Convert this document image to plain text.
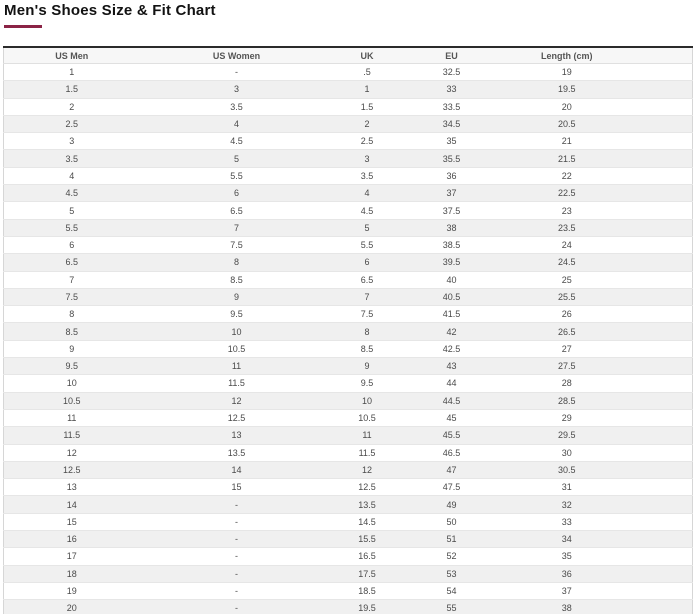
Men's Shoes Size & Fit Chart
US Men	US Women	UK	EU	Length (cm)
1	-	.5	32.5	19
1.5	3	1	33	19.5
2	3.5	1.5	33.5	20
2.5	4	2	34.5	20.5
3	4.5	2.5	35	21
3.5	5	3	35.5	21.5
4	5.5	3.5	36	22
4.5	6	4	37	22.5
5	6.5	4.5	37.5	23
5.5	7	5	38	23.5
6	7.5	5.5	38.5	24
6.5	8	6	39.5	24.5
7	8.5	6.5	40	25
7.5	9	7	40.5	25.5
8	9.5	7.5	41.5	26
8.5	10	8	42	26.5
9	10.5	8.5	42.5	27
9.5	11	9	43	27.5
10	11.5	9.5	44	28
10.5	12	10	44.5	28.5
11	12.5	10.5	45	29
11.5	13	11	45.5	29.5
12	13.5	11.5	46.5	30
12.5	14	12	47	30.5
13	15	12.5	47.5	31
14	-	13.5	49	32
15	-	14.5	50	33
16	-	15.5	51	34
17	-	16.5	52	35
18	-	17.5	53	36
19	-	18.5	54	37
20	-	19.5	55	38
